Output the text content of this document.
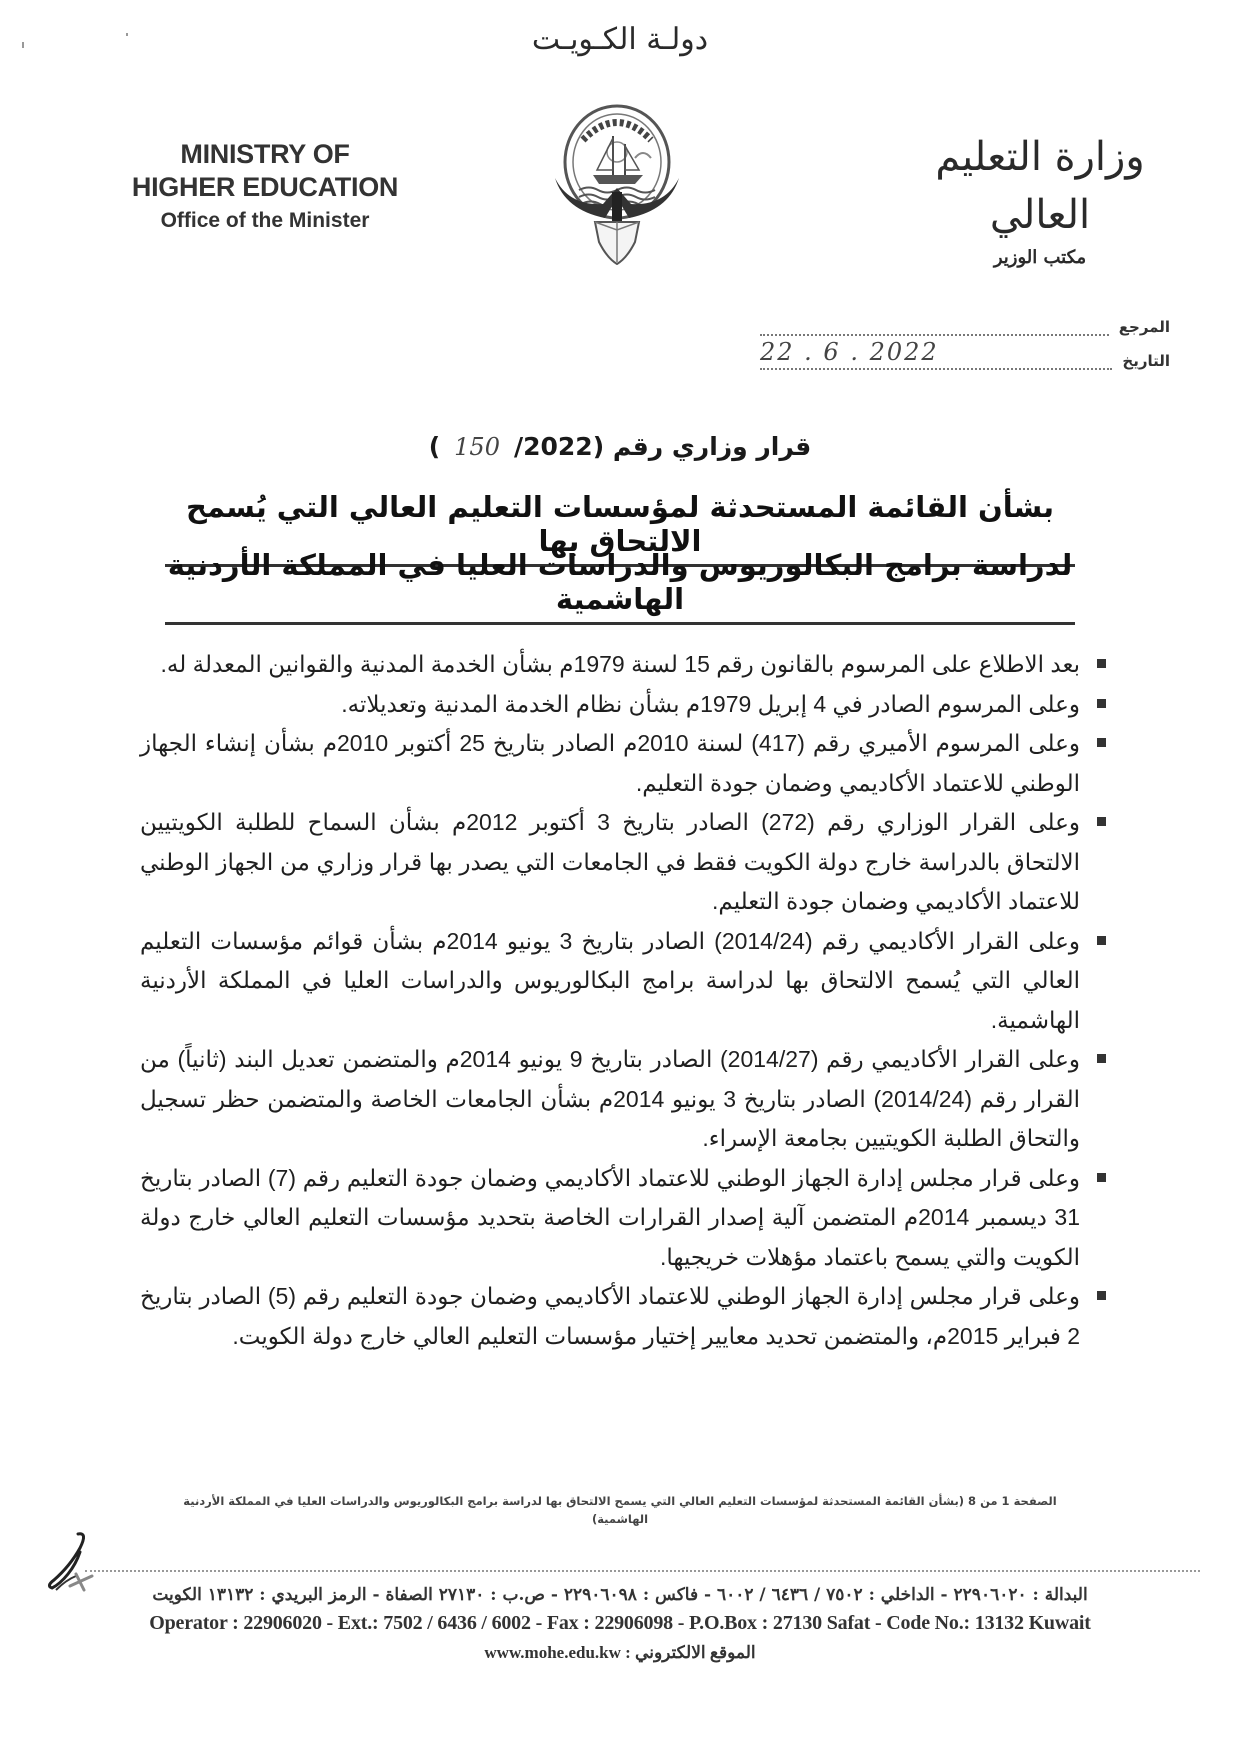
دولـة الكـويـت
MINISTRY OF
HIGHER EDUCATION
Office of the Minister
وزارة التعليم العالي
مكتب الوزير
المرجع
التاريخ
22 . 6 . 2022
قرار وزاري رقم (150/2022)
بشأن القائمة المستحدثة لمؤسسات التعليم العالي التي يُسمح الالتحاق بها
لدراسة برامج البكالوريوس والدراسات العليا في المملكة الأردنية الهاشمية
بعد الاطلاع على المرسوم بالقانون رقم 15 لسنة 1979م بشأن الخدمة المدنية والقوانين المعدلة له.
وعلى المرسوم الصادر في 4 إبريل 1979م بشأن نظام الخدمة المدنية وتعديلاته.
وعلى المرسوم الأميري رقم (417) لسنة 2010م الصادر بتاريخ 25 أكتوبر 2010م بشأن إنشاء الجهاز الوطني للاعتماد الأكاديمي وضمان جودة التعليم.
وعلى القرار الوزاري رقم (272) الصادر بتاريخ 3 أكتوبر 2012م بشأن السماح للطلبة الكويتيين الالتحاق بالدراسة خارج دولة الكويت فقط في الجامعات التي يصدر بها قرار وزاري من الجهاز الوطني للاعتماد الأكاديمي وضمان جودة التعليم.
وعلى القرار الأكاديمي رقم (2014/24) الصادر بتاريخ 3 يونيو 2014م بشأن قوائم مؤسسات التعليم العالي التي يُسمح الالتحاق بها لدراسة برامج البكالوريوس والدراسات العليا في المملكة الأردنية الهاشمية.
وعلى القرار الأكاديمي رقم (2014/27) الصادر بتاريخ 9 يونيو 2014م والمتضمن تعديل البند (ثانياً) من القرار رقم (2014/24) الصادر بتاريخ 3 يونيو 2014م بشأن الجامعات الخاصة والمتضمن حظر تسجيل والتحاق الطلبة الكويتيين بجامعة الإسراء.
وعلى قرار مجلس إدارة الجهاز الوطني للاعتماد الأكاديمي وضمان جودة التعليم رقم (7) الصادر بتاريخ 31 ديسمبر 2014م المتضمن آلية إصدار القرارات الخاصة بتحديد مؤسسات التعليم العالي خارج دولة الكويت والتي يسمح باعتماد مؤهلات خريجيها.
وعلى قرار مجلس إدارة الجهاز الوطني للاعتماد الأكاديمي وضمان جودة التعليم رقم (5) الصادر بتاريخ 2 فبراير 2015م، والمتضمن تحديد معايير إختيار مؤسسات التعليم العالي خارج دولة الكويت.
الصفحة 1 من 8 (بشأن القائمة المستحدثة لمؤسسات التعليم العالي التي يسمح الالتحاق بها لدراسة برامج البكالوريوس والدراسات العليا في المملكة الأردنية الهاشمية)
البدالة : ٢٢٩٠٦٠٢٠ - الداخلي : ٧٥٠٢ / ٦٤٣٦ / ٦٠٠٢ - فاكس : ٢٢٩٠٦٠٩٨ - ص.ب : ٢٧١٣٠ الصفاة - الرمز البريدي : ١٣١٣٢ الكويت
Operator : 22906020 - Ext.: 7502 / 6436 / 6002 - Fax : 22906098 - P.O.Box : 27130 Safat - Code No.: 13132 Kuwait
الموقع الالكتروني : www.mohe.edu.kw
